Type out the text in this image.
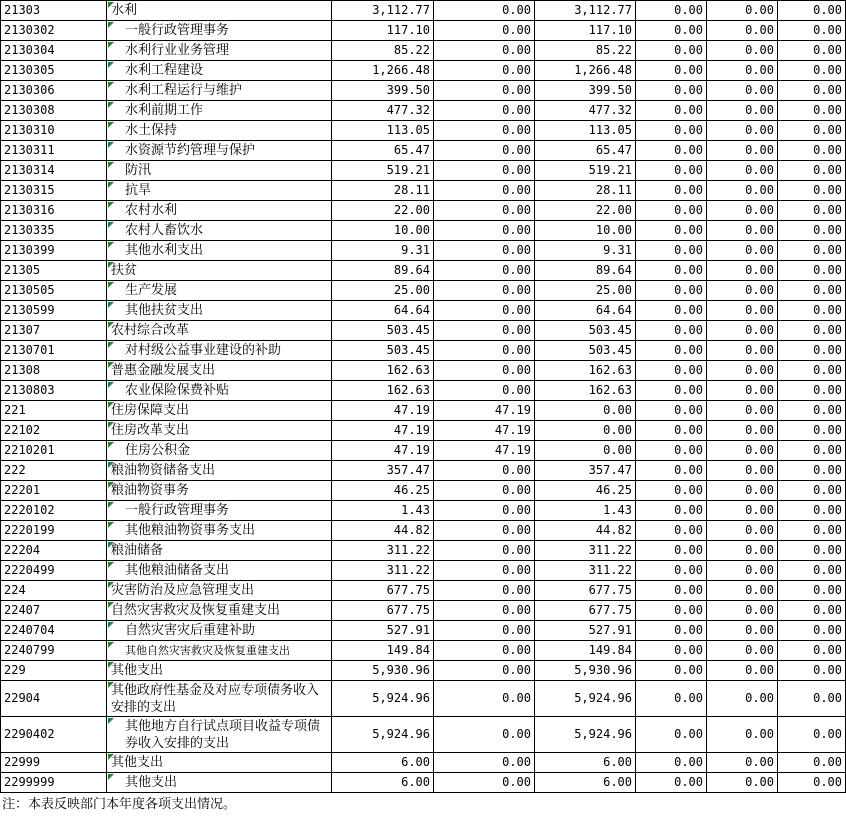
21303	水利	3,112.77	0.00	3,112.77	0.00	0.00	0.00
2130302	一般行政管理事务	117.10	0.00	117.10	0.00	0.00	0.00
2130304	水利行业业务管理	85.22	0.00	85.22	0.00	0.00	0.00
2130305	水利工程建设	1,266.48	0.00	1,266.48	0.00	0.00	0.00
2130306	水利工程运行与维护	399.50	0.00	399.50	0.00	0.00	0.00
2130308	水利前期工作	477.32	0.00	477.32	0.00	0.00	0.00
2130310	水土保持	113.05	0.00	113.05	0.00	0.00	0.00
2130311	水资源节约管理与保护	65.47	0.00	65.47	0.00	0.00	0.00
2130314	防汛	519.21	0.00	519.21	0.00	0.00	0.00
2130315	抗旱	28.11	0.00	28.11	0.00	0.00	0.00
2130316	农村水利	22.00	0.00	22.00	0.00	0.00	0.00
2130335	农村人畜饮水	10.00	0.00	10.00	0.00	0.00	0.00
2130399	其他水利支出	9.31	0.00	9.31	0.00	0.00	0.00
21305	扶贫	89.64	0.00	89.64	0.00	0.00	0.00
2130505	生产发展	25.00	0.00	25.00	0.00	0.00	0.00
2130599	其他扶贫支出	64.64	0.00	64.64	0.00	0.00	0.00
21307	农村综合改革	503.45	0.00	503.45	0.00	0.00	0.00
2130701	对村级公益事业建设的补助	503.45	0.00	503.45	0.00	0.00	0.00
21308	普惠金融发展支出	162.63	0.00	162.63	0.00	0.00	0.00
2130803	农业保险保费补贴	162.63	0.00	162.63	0.00	0.00	0.00
221	住房保障支出	47.19	47.19	0.00	0.00	0.00	0.00
22102	住房改革支出	47.19	47.19	0.00	0.00	0.00	0.00
2210201	住房公积金	47.19	47.19	0.00	0.00	0.00	0.00
222	粮油物资储备支出	357.47	0.00	357.47	0.00	0.00	0.00
22201	粮油物资事务	46.25	0.00	46.25	0.00	0.00	0.00
2220102	一般行政管理事务	1.43	0.00	1.43	0.00	0.00	0.00
2220199	其他粮油物资事务支出	44.82	0.00	44.82	0.00	0.00	0.00
22204	粮油储备	311.22	0.00	311.22	0.00	0.00	0.00
2220499	其他粮油储备支出	311.22	0.00	311.22	0.00	0.00	0.00
224	灾害防治及应急管理支出	677.75	0.00	677.75	0.00	0.00	0.00
22407	自然灾害救灾及恢复重建支出	677.75	0.00	677.75	0.00	0.00	0.00
2240704	自然灾害灾后重建补助	527.91	0.00	527.91	0.00	0.00	0.00
2240799	其他自然灾害救灾及恢复重建支出	149.84	0.00	149.84	0.00	0.00	0.00
229	其他支出	5,930.96	0.00	5,930.96	0.00	0.00	0.00
22904	其他政府性基金及对应专项债务收入安排的支出	5,924.96	0.00	5,924.96	0.00	0.00	0.00
2290402	其他地方自行试点项目收益专项债券收入安排的支出	5,924.96	0.00	5,924.96	0.00	0.00	0.00
22999	其他支出	6.00	0.00	6.00	0.00	0.00	0.00
2299999	其他支出	6.00	0.00	6.00	0.00	0.00	0.00
注：本表反映部门本年度各项支出情况。
